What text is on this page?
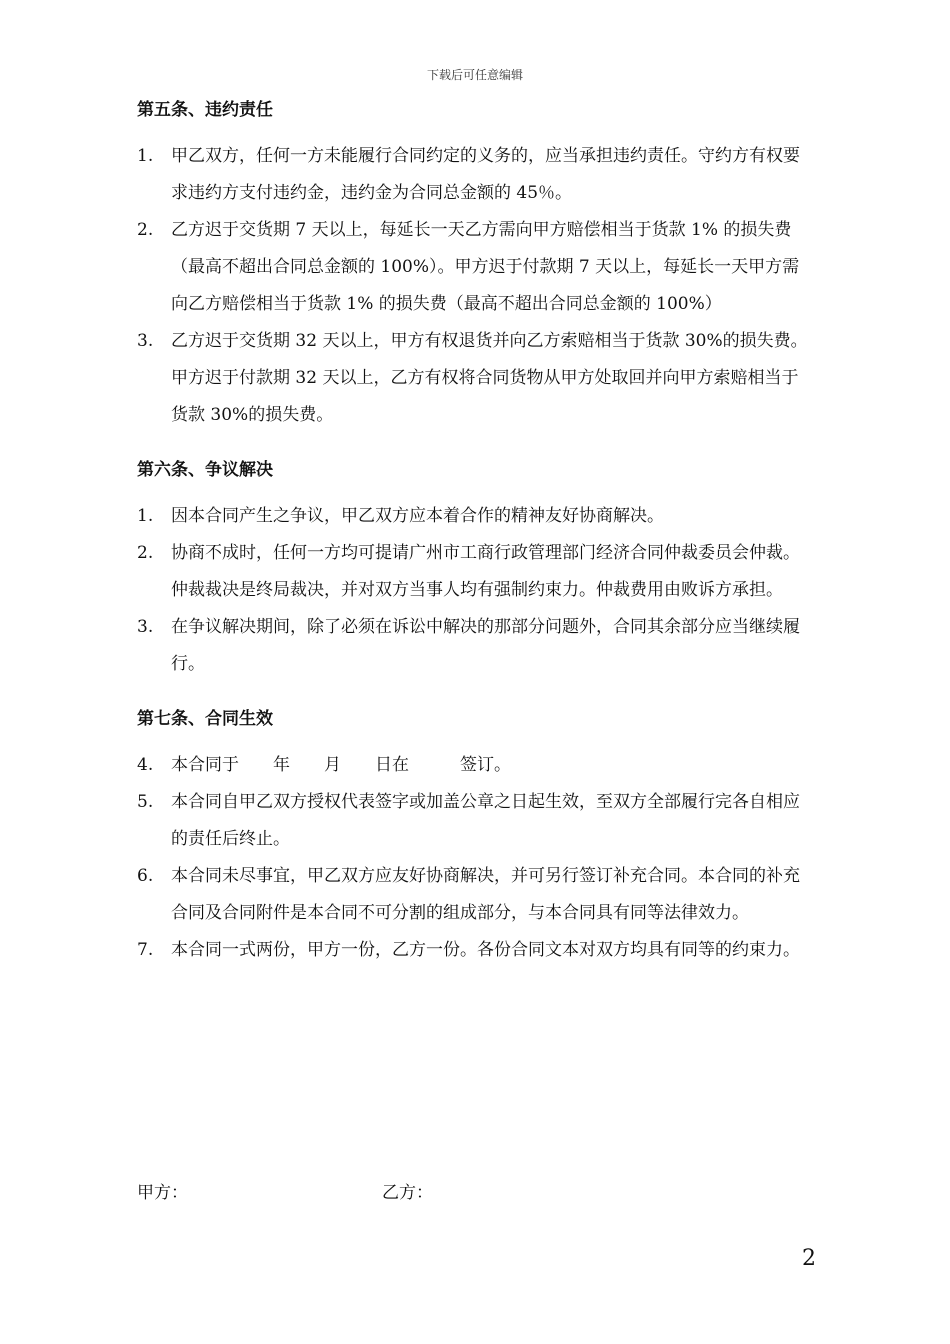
下载后可任意编辑
第五条、违约责任
1.	甲乙双方，任何一方未能履行合同约定的义务的，应当承担违约责任。守约方有权要求违约方支付违约金，违约金为合同总金额的 45％。
2.	乙方迟于交货期 7 天以上，每延长一天乙方需向甲方赔偿相当于货款 1% 的损失费（最高不超出合同总金额的 100%）。甲方迟于付款期 7 天以上，每延长一天甲方需向乙方赔偿相当于货款 1% 的损失费（最高不超出合同总金额的 100%）
3.	乙方迟于交货期 32 天以上，甲方有权退货并向乙方索赔相当于货款 30%的损失费。甲方迟于付款期 32 天以上，乙方有权将合同货物从甲方处取回并向甲方索赔相当于货款 30%的损失费。
第六条、争议解决
1.	因本合同产生之争议，甲乙双方应本着合作的精神友好协商解决。
2.	协商不成时，任何一方均可提请广州市工商行政管理部门经济合同仲裁委员会仲裁。仲裁裁决是终局裁决，并对双方当事人均有强制约束力。仲裁费用由败诉方承担。
3.	在争议解决期间，除了必须在诉讼中解决的那部分问题外，合同其余部分应当继续履行。
第七条、合同生效
4.	本合同于　　年　　月　　日在　　　签订。
5.	本合同自甲乙双方授权代表签字或加盖公章之日起生效，至双方全部履行完各自相应的责任后终止。
6.	本合同未尽事宜，甲乙双方应友好协商解决，并可另行签订补充合同。本合同的补充合同及合同附件是本合同不可分割的组成部分，与本合同具有同等法律效力。
7.	本合同一式两份，甲方一份，乙方一份。各份合同文本对双方均具有同等的约束力。
甲方：	乙方：
2
